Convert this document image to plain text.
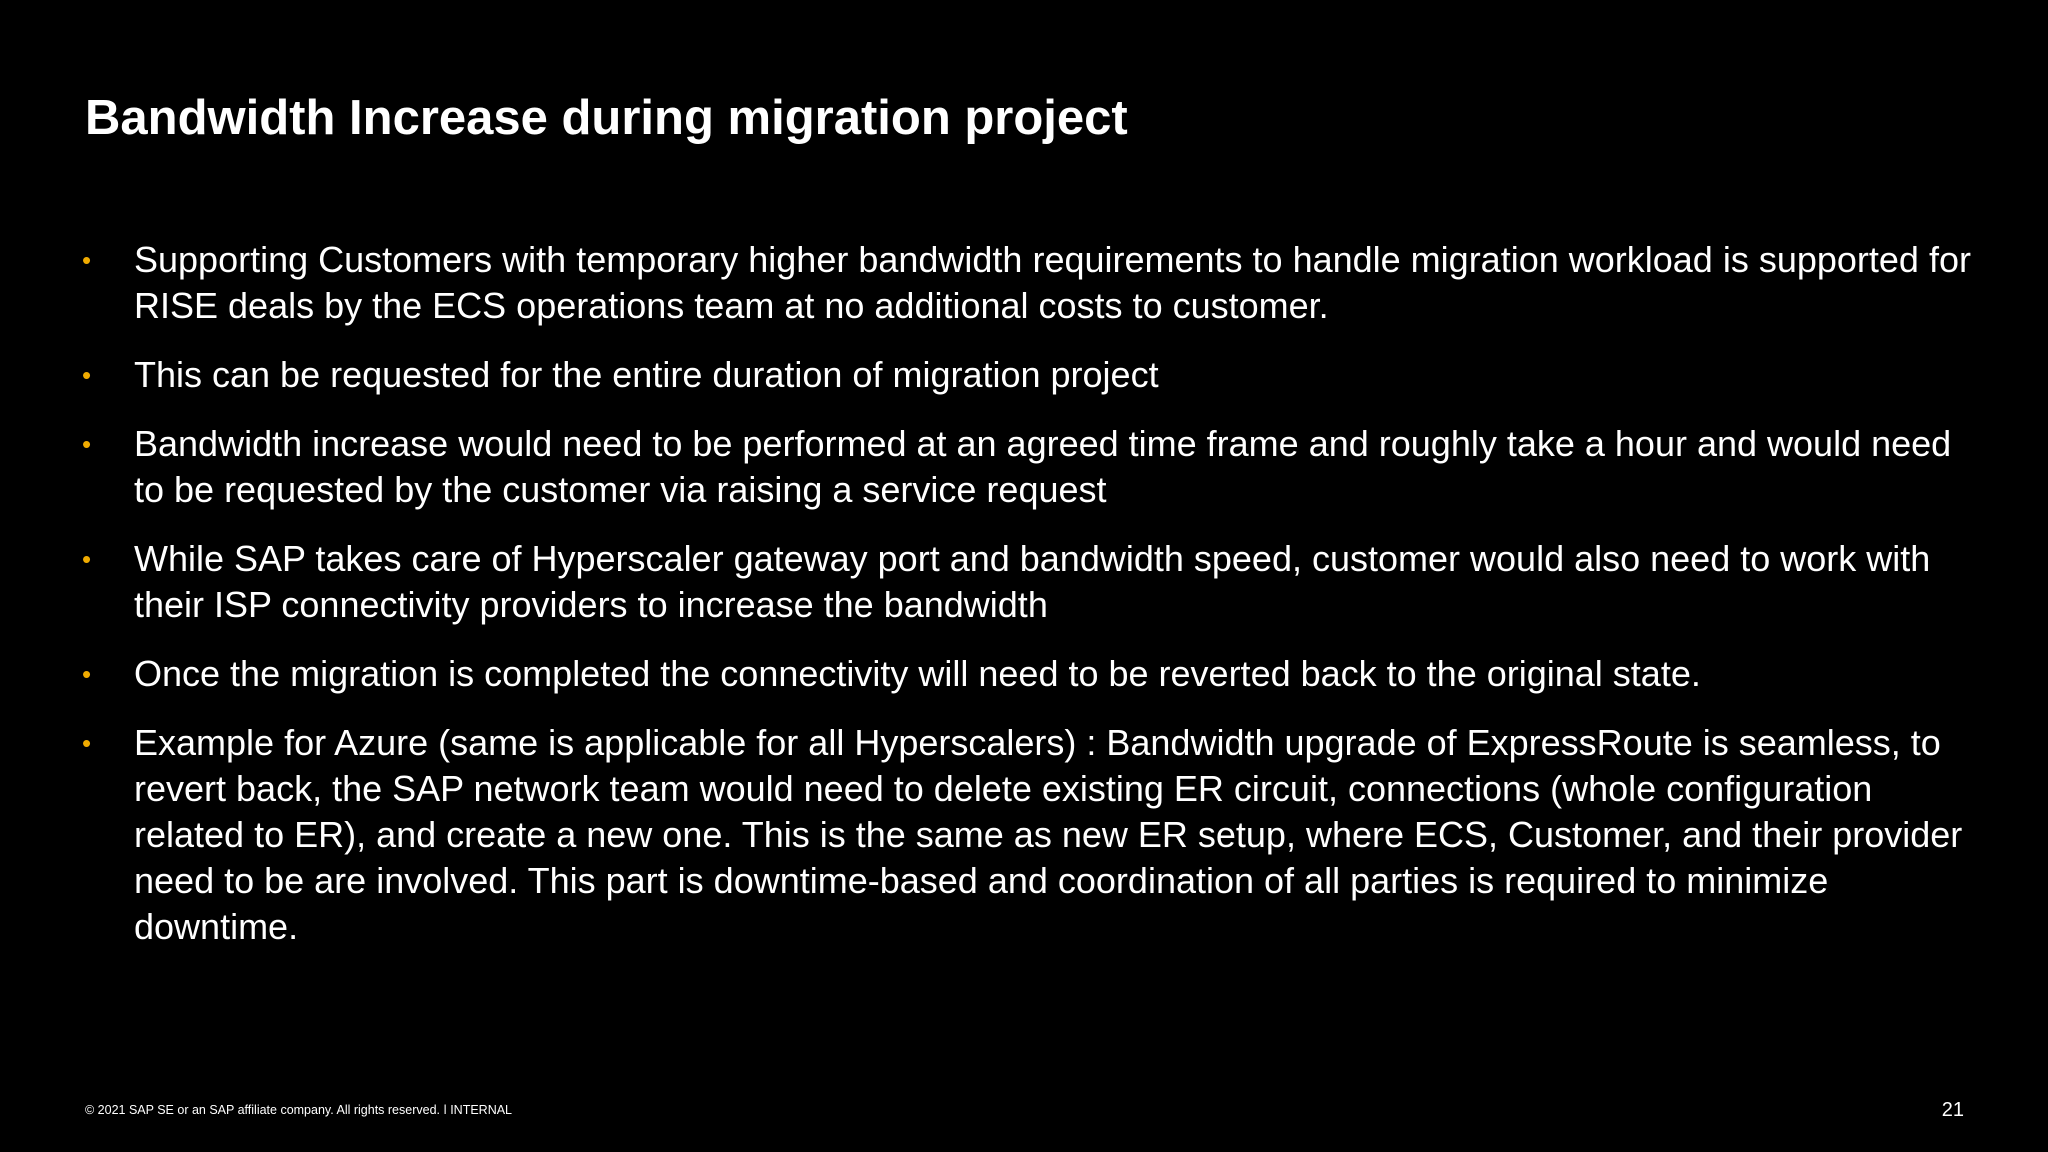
Bandwidth Increase during migration project
• Supporting Customers with temporary higher bandwidth requirements to handle migration workload is supported for RISE deals by the ECS operations team at no additional costs to customer.
• This can be requested for the entire duration of migration project
• Bandwidth increase would need to be performed at an agreed time frame and roughly take a hour and would need to be requested by the customer via raising a service request
• While SAP takes care of Hyperscaler gateway port and bandwidth speed, customer would also need to work with their ISP connectivity providers to increase the bandwidth
• Once the migration is completed the connectivity will need to be reverted back to the original state.
• Example for Azure (same is applicable for all Hyperscalers) : Bandwidth upgrade of ExpressRoute is seamless, to revert back, the SAP network team would need to delete existing ER circuit, connections (whole configuration related to ER), and create a new one. This is the same as new ER setup, where ECS, Customer, and their provider need to be are involved. This part is downtime-based and coordination of all parties is required to minimize downtime.
© 2021 SAP SE or an SAP affiliate company. All rights reserved. ǀ INTERNAL	21
